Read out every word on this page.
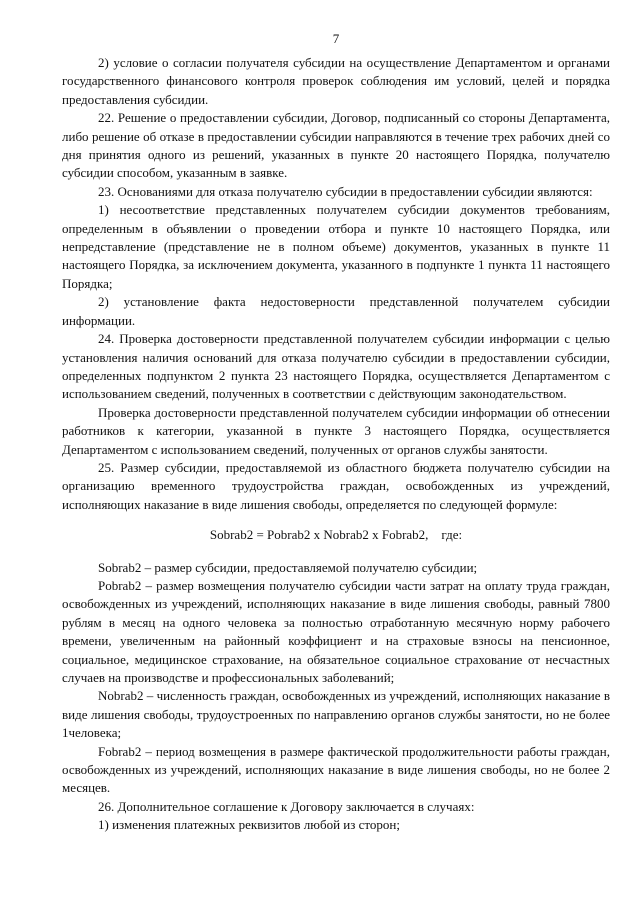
7

2) условие о согласии получателя субсидии на осуществление Департаментом и органами государственного финансового контроля проверок соблюдения им условий, целей и порядка предоставления субсидии.

22. Решение о предоставлении субсидии, Договор, подписанный со стороны Департамента, либо решение об отказе в предоставлении субсидии направляются в течение трех рабочих дней со дня принятия одного из решений, указанных в пункте 20 настоящего Порядка, получателю субсидии способом, указанным в заявке.

23. Основаниями для отказа получателю субсидии в предоставлении субсидии являются:

1) несоответствие представленных получателем субсидии документов требованиям, определенным в объявлении о проведении отбора и пункте 10 настоящего Порядка, или непредставление (представление не в полном объеме) документов, указанных в пункте 11 настоящего Порядка, за исключением документа, указанного в подпункте 1 пункта 11 настоящего Порядка;

2) установление факта недостоверности представленной получателем субсидии информации.

24. Проверка достоверности представленной получателем субсидии информации с целью установления наличия оснований для отказа получателю субсидии в предоставлении субсидии, определенных подпунктом 2 пункта 23 настоящего Порядка, осуществляется Департаментом с использованием сведений, полученных в соответствии с действующим законодательством.

Проверка достоверности представленной получателем субсидии информации об отнесении работников к категории, указанной в пункте 3 настоящего Порядка, осуществляется Департаментом с использованием сведений, полученных от органов службы занятости.

25. Размер субсидии, предоставляемой из областного бюджета получателю субсидии на организацию временного трудоустройства граждан, освобожденных из учреждений, исполняющих наказание в виде лишения свободы, определяется по следующей формуле:

Sobrab2 = Pobrab2 x Nobrab2 x Fobrab2,    где:

Sobrab2 – размер субсидии, предоставляемой получателю субсидии;

Pobrab2 – размер возмещения получателю субсидии части затрат на оплату труда граждан, освобожденных из учреждений, исполняющих наказание в виде лишения свободы, равный 7800 рублям в месяц на одного человека за полностью отработанную месячную норму рабочего времени, увеличенным на районный коэффициент и на страховые взносы на пенсионное, социальное, медицинское страхование, на обязательное социальное страхование от несчастных случаев на производстве и профессиональных заболеваний;

Nobrab2 – численность граждан, освобожденных из учреждений, исполняющих наказание в виде лишения свободы, трудоустроенных по направлению органов службы занятости, но не более 1человека;

Fobrab2 – период возмещения в размере фактической продолжительности работы граждан, освобожденных из учреждений, исполняющих наказание в виде лишения свободы, но не более 2 месяцев.

26. Дополнительное соглашение к Договору заключается в случаях:

1) изменения платежных реквизитов любой из сторон;
